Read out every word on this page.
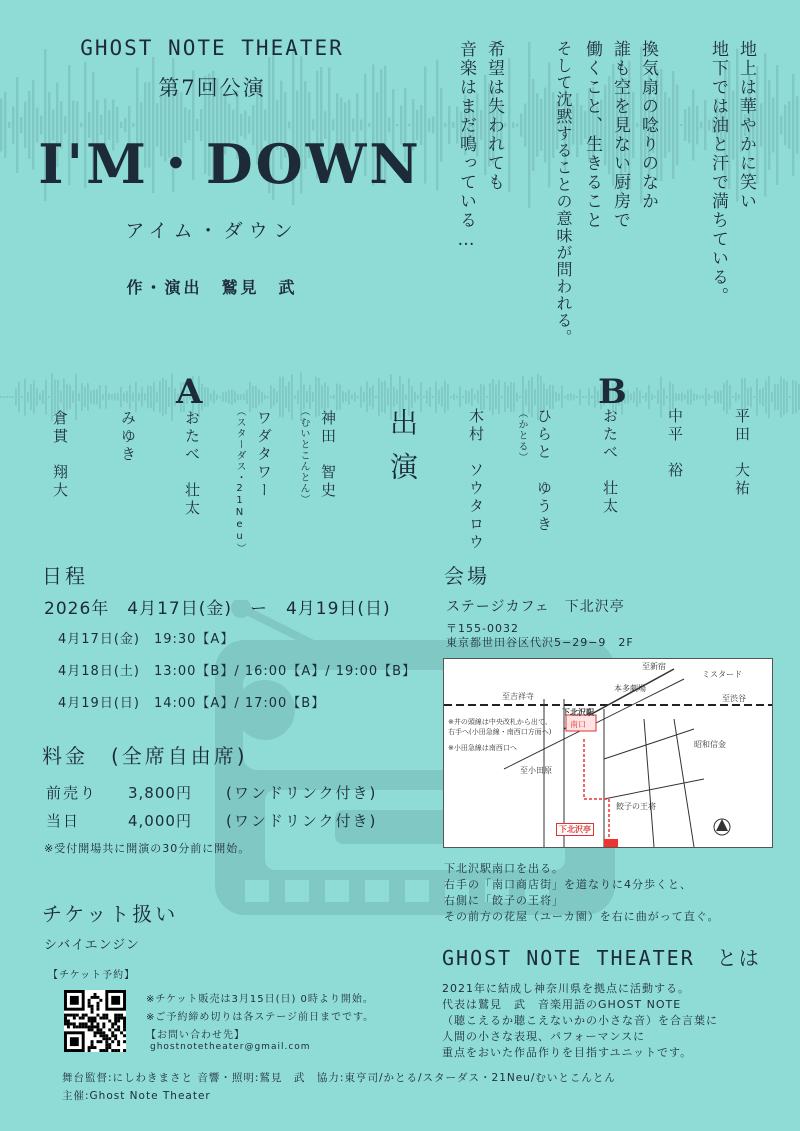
GHOST NOTE THEATER
第7回公演
I'M・DOWN
アイム・ダウン
作・演出　鷲見　武
地上は華やかに笑い
地下では油と汗で満ちている。
換気扇の唸りのなか
誰も空を見ない厨房で
働くこと、生きること
そして沈黙することの意味が問われる。
希望は失われても
音楽はまだ鳴っている…
A	B
出演
神田　智史
（むいとこんとん）
ワダタワー
（スターダス・21Neu）
おたべ　壮太
みゆき
倉貫　翔大	平田　大祐
中平　裕
おたべ　壮太
ひらと　ゆうき
（かとる）
木村　ソウタロウ
日程
2026年　4月17日(金)　ー　4月19日(日)
4月17日(金)　19:30【A】
4月18日(土)　13:00【B】/ 16:00【A】/ 19:00【B】
4月19日(日)　14:00【A】/ 17:00【B】
料金　(全席自由席)
前売り 3,800円 (ワンドリンク付き)
当日	4,000円 (ワンドリンク付き)
※受付開場共に開演の30分前に開始。
チケット扱い
シバイエンジン
【チケット予約】
※チケット販売は3月15日(日) 0時より開始。
※ご予約締め切りは各ステージ前日までです。
【お問い合わせ先】
ghostnotetheater@gmail.com
会場
ステージカフェ　下北沢亭
〒155-0032
東京都世田谷区代沢5−29−9　2F
至新宿
ミスタード
本多劇場
至吉祥寺	至渋谷
下北沢駅
南口
※井の頭線は中央改札から出て、
右手へ(小田急線・南西口方面へ)
※小田急線は南西口へ	昭和信金
至小田原
餃子の王将
下北沢亭
下北沢駅南口を出る。
右手の「南口商店街」を道なりに4分歩くと、
右側に「餃子の王将」
その前方の花屋（ユーカ園）を右に曲がって直ぐ。
GHOST NOTE THEATER　とは
2021年に結成し神奈川県を拠点に活動する。
代表は鷲見　武　音楽用語のGHOST NOTE
（聴こえるか聴こえないかの小さな音）を合言葉に
人間の小さな表現、パフォーマンスに
重点をおいた作品作りを目指すユニットです。
舞台監督:にしわきまさと 音響・照明:鷲見　武　協力:東亨司/かとる/スターダス・21Neu/むいとこんとん
主催:Ghost Note Theater
